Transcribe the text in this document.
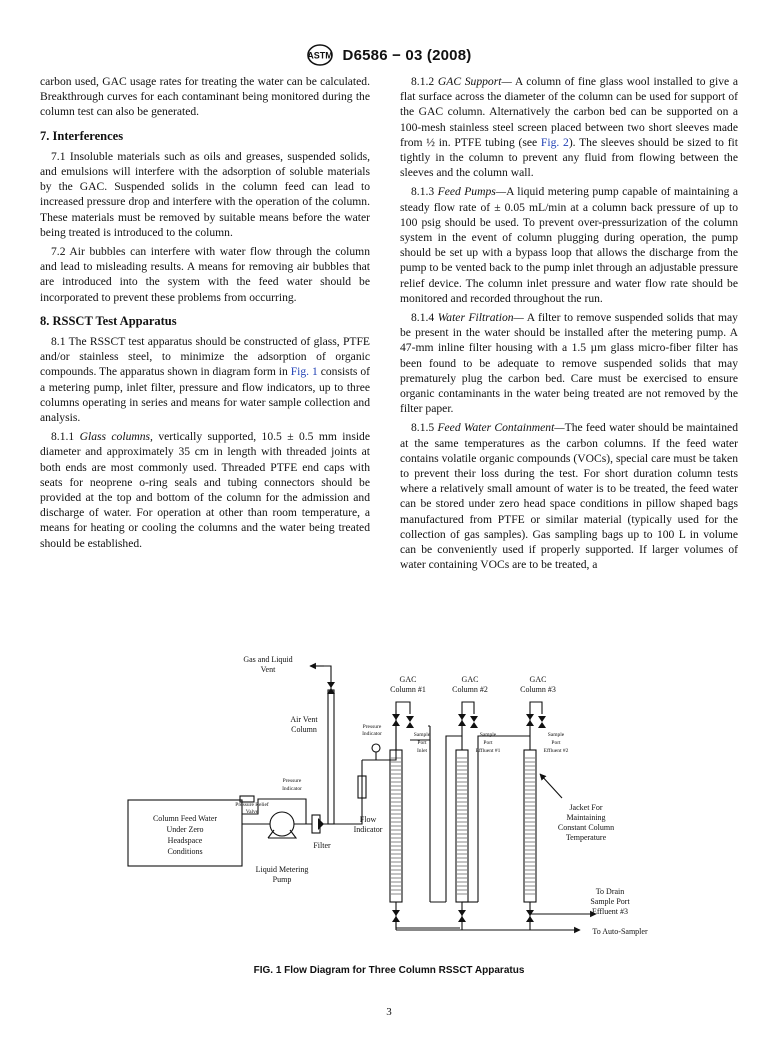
ASTM D6586 − 03 (2008)

carbon used, GAC usage rates for treating the water can be calculated. Breakthrough curves for each contaminant being monitored during the column test can also be generated.

7. Interferences

7.1 Insoluble materials such as oils and greases, suspended solids, and emulsions will interfere with the adsorption of soluble materials by the GAC. Suspended solids in the column feed can lead to increased pressure drop and interfere with the operation of the column. These materials must be removed by suitable means before the water being treated is introduced to the column.

7.2 Air bubbles can interfere with water flow through the column and lead to misleading results. A means for removing air bubbles that are introduced into the system with the feed water should be incorporated to prevent these problems from occurring.

8. RSSCT Test Apparatus

8.1 The RSSCT test apparatus should be constructed of glass, PTFE and/or stainless steel, to minimize the adsorption of organic compounds. The apparatus shown in diagram form in Fig. 1 consists of a metering pump, inlet filter, pressure and flow indicators, up to three columns operating in series and means for water sample collection and analysis.

8.1.1 Glass columns, vertically supported, 10.5 ± 0.5 mm inside diameter and approximately 35 cm in length with threaded joints at both ends are most commonly used. Threaded PTFE end caps with seats for neoprene o-ring seals and tubing connectors should be provided at the top and bottom of the column for the admission and discharge of water. For operation at other than room temperature, a means for heating or cooling the columns and the water being treated should be established.

8.1.2 GAC Support— A column of fine glass wool installed to give a flat surface across the diameter of the column can be used for support of the GAC column. Alternatively the carbon bed can be supported on a 100-mesh stainless steel screen placed between two short sleeves made from ½ in. PTFE tubing (see Fig. 2). The sleeves should be sized to fit tightly in the column to prevent any fluid from flowing between the sleeves and the column wall.

8.1.3 Feed Pumps—A liquid metering pump capable of maintaining a steady flow rate of ± 0.05 mL/min at a column back pressure of up to 100 psig should be used. To prevent over-pressurization of the column system in the event of column plugging during operation, the pump should be set up with a bypass loop that allows the discharge from the pump to be vented back to the pump inlet through an adjustable pressure relief device. The column inlet pressure and water flow rate should be monitored and recorded throughout the run.

8.1.4 Water Filtration— A filter to remove suspended solids that may be present in the water should be installed after the metering pump. A 47-mm inline filter housing with a 1.5 µm glass micro-fiber filter has been found to be adequate to remove suspended solids that may prematurely plug the carbon bed. Care must be exercised to ensure organic contaminants in the water being treated are not removed by the filter paper.

8.1.5 Feed Water Containment—The feed water should be maintained at the same temperatures as the carbon columns. If the feed water contains volatile organic compounds (VOCs), special care must be taken to prevent their loss during the test. For short duration column tests where a relatively small amount of water is to be treated, the feed water can be stored under zero head space conditions in pillow shaped bags manufactured from PTFE or similar material (typically used for the collection of gas samples). Gas sampling bags up to 100 L in volume can be conveniently used if properly supported. If larger volumes of water containing VOCs are to be treated, a

Gas and Liquid
Vent
Air Vent
Column
GAC
Column #1
GAC
Column #2
GAC
Column #3
Pressure
Indicator	Sample
Port
Inlet
Sample
Port
Effluent #1
Sample
Port
Effluent #2
Pressure
Indicator
Pressure Relief
Valve
Column Feed Water
Under Zero
Headspace
Conditions
Filter
Flow
Indicator
Liquid Metering
Pump
Jacket For
Maintaining
Constant Column
Temperature
To Drain
Sample Port
Effluent #3
To Auto-Sampler
FIG. 1 Flow Diagram for Three Column RSSCT Apparatus
3
